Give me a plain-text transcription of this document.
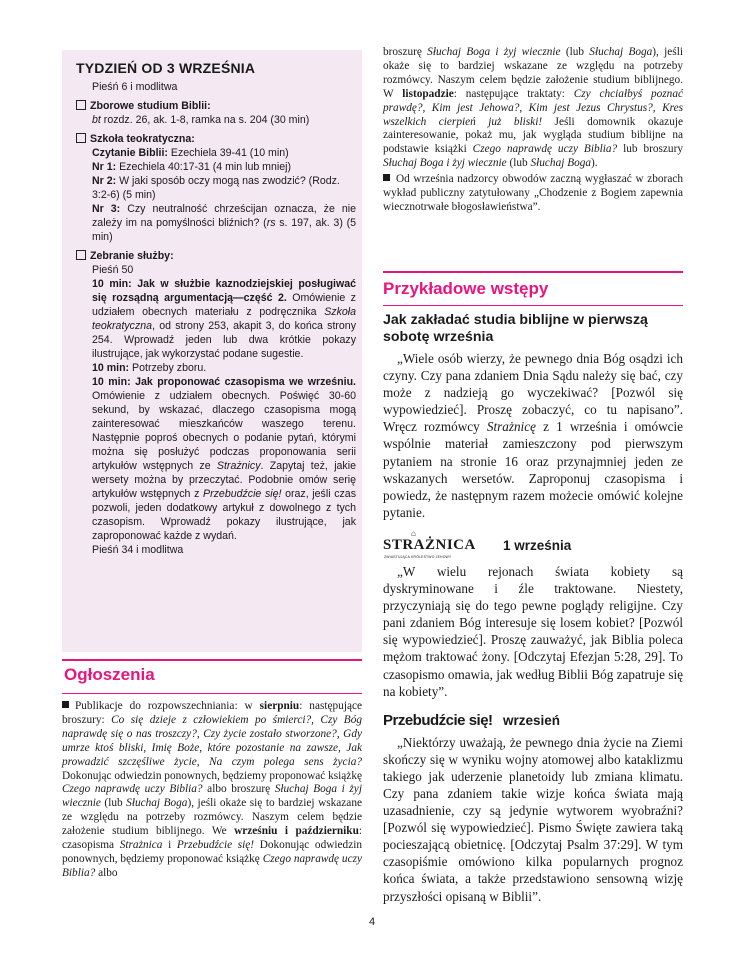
TYDZIEŃ OD 3 WRZEŚNIA

Pieśń 6 i modlitwa

Zborowe studium Biblii:

bt rozdz. 26, ak. 1-8, ramka na s. 204 (30 min)

Szkoła teokratyczna:

Czytanie Biblii: Ezechiela 39-41 (10 min)

Nr 1: Ezechiela 40:17-31 (4 min lub mniej)

Nr 2: W jaki sposób oczy mogą nas zwodzić? (Rodz. 3:2-6) (5 min)

Nr 3: Czy neutralność chrześcijan oznacza, że nie zależy im na pomyślności bliźnich? (rs s. 197, ak. 3) (5 min)

Zebranie służby:

Pieśń 50

10 min: Jak w służbie kaznodziejskiej posługiwać się rozsądną argumentacją—część 2. Omówienie z udziałem obecnych materiału z podręcznika Szkoła teokratyczna, od strony 253, akapit 3, do końca strony 254. Wprowadź jeden lub dwa krótkie pokazy ilustrujące, jak wykorzystać podane sugestie.

10 min: Potrzeby zboru.

10 min: Jak proponować czasopisma we wrześniu. Omówienie z udziałem obecnych. Poświęć 30-60 sekund, by wskazać, dlaczego czasopisma mogą zainteresować mieszkańców waszego terenu. Następnie poproś obecnych o podanie pytań, którymi można się posłużyć podczas proponowania serii artykułów wstępnych ze Strażnicy. Zapytaj też, jakie wersety można by przeczytać. Podobnie omów serię artykułów wstępnych z Przebudźcie się! oraz, jeśli czas pozwoli, jeden dodatkowy artykuł z dowolnego z tych czasopism. Wprowadź pokazy ilustrujące, jak zaproponować każde z wydań.

Pieśń 34 i modlitwa

Ogłoszenia

Publikacje do rozpowszechniania: w sierpniu: następujące broszury: Co się dzieje z człowiekiem po śmierci?, Czy Bóg naprawdę się o nas troszczy?, Czy życie zostało stworzone?, Gdy umrze ktoś bliski, Imię Boże, które pozostanie na zawsze, Jak prowadzić szczęśliwe życie, Na czym polega sens życia? Dokonując odwiedzin ponownych, będziemy proponować książkę Czego naprawdę uczy Biblia? albo broszurę Słuchaj Boga i żyj wiecznie (lub Słuchaj Boga), jeśli okaże się to bardziej wskazane ze względu na potrzeby rozmówcy. Naszym celem będzie założenie studium biblijnego. We wrześniu i październiku: czasopisma Strażnica i Przebudźcie się! Dokonując odwiedzin ponownych, będziemy proponować książkę Czego naprawdę uczy Biblia? albo

broszurę Słuchaj Boga i żyj wiecznie (lub Słuchaj Boga), jeśli okaże się to bardziej wskazane ze względu na potrzeby rozmówcy. Naszym celem będzie założenie studium biblijnego. W listopadzie: następujące traktaty: Czy chciałbyś poznać prawdę?, Kim jest Jehowa?, Kim jest Jezus Chrystus?, Kres wszelkich cierpień już bliski! Jeśli domownik okazuje zainteresowanie, pokaż mu, jak wygląda studium biblijne na podstawie książki Czego naprawdę uczy Biblia? lub broszury Słuchaj Boga i żyj wiecznie (lub Słuchaj Boga).

Od września nadzorcy obwodów zaczną wygłaszać w zborach wykład publiczny zatytułowany „Chodzenie z Bogiem zapewnia wiecznotrwałe błogosławieństwa”.

Przykładowe wstępy
Jak zakładać studia biblijne w pierwszą sobotę września

„Wiele osób wierzy, że pewnego dnia Bóg osądzi ich czyny. Czy pana zdaniem Dnia Sądu należy się bać, czy może z nadzieją go wyczekiwać? [Pozwól się wypowiedzieć]. Proszę zobaczyć, co tu napisano”. Wręcz rozmówcy Strażnicę z 1 września i omówcie wspólnie materiał zamieszczony pod pierwszym pytaniem na stronie 16 oraz przynajmniej jeden ze wskazanych wersetów. Zaproponuj czasopisma i powiedz, że następnym razem możecie omówić kolejne pytanie.

⌂
STRAŻNICA
ZWIASTUJĄCA KRÓLESTWO JEHOWY
1 września

„W wielu rejonach świata kobiety są dyskryminowane i źle traktowane. Niestety, przyczyniają się do tego pewne poglądy religijne. Czy pani zdaniem Bóg interesuje się losem kobiet? [Pozwól się wypowiedzieć]. Proszę zauważyć, jak Biblia poleca mężom traktować żony. [Odczytaj Efezjan 5:28, 29]. To czasopismo omawia, jak według Biblii Bóg zapatruje się na kobiety”.

Przebudźcie się! wrzesień

„Niektórzy uważają, że pewnego dnia życie na Ziemi skończy się w wyniku wojny atomowej albo kataklizmu takiego jak uderzenie planetoidy lub zmiana klimatu. Czy pana zdaniem takie wizje końca świata mają uzasadnienie, czy są jedynie wytworem wyobraźni? [Pozwól się wypowiedzieć]. Pismo Święte zawiera taką pocieszającą obietnicę. [Odczytaj Psalm 37:29]. W tym czasopiśmie omówiono kilka popularnych prognoz końca świata, a także przedstawiono sensowną wizję przyszłości opisaną w Biblii”.

4
